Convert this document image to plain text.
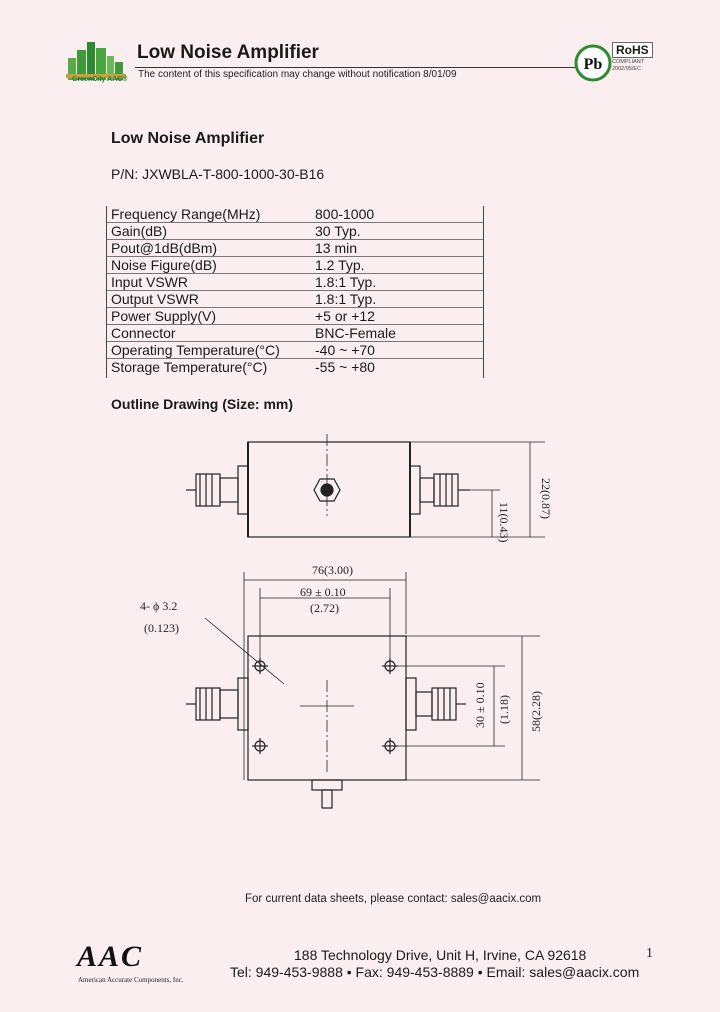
GreenCity AAC®
Low Noise Amplifier
The content of this specification may change without notification 8/01/09
Pb
RoHS
COMPLIANT
2002/95/EC
Low Noise Amplifier
P/N: JXWBLA-T-800-1000-30-B16
Frequency Range(MHz)	800-1000
Gain(dB)	30 Typ.
Pout@1dB(dBm)	13 min
Noise Figure(dB)	1.2 Typ.
Input VSWR	1.8:1 Typ.
Output VSWR	1.8:1 Typ.
Power Supply(V)	+5 or +12
Connector	BNC-Female
Operating Temperature(°C)	-40 ~ +70
Storage Temperature(°C)	-55 ~ +80
Outline Drawing (Size: mm)
22(0.87)
11(0.43)
76(3.00)
69 ± 0.10
(2.72)
4- ϕ 3.2
(0.123)
30 ± 0.10 (1.18) 58(2.28)
For current data sheets, please contact: sales@aacix.com
AAC
American Accurate Components, Inc.
188 Technology Drive, Unit H, Irvine, CA 92618
Tel: 949-453-9888 • Fax: 949-453-8889 • Email: sales@aacix.com
1
